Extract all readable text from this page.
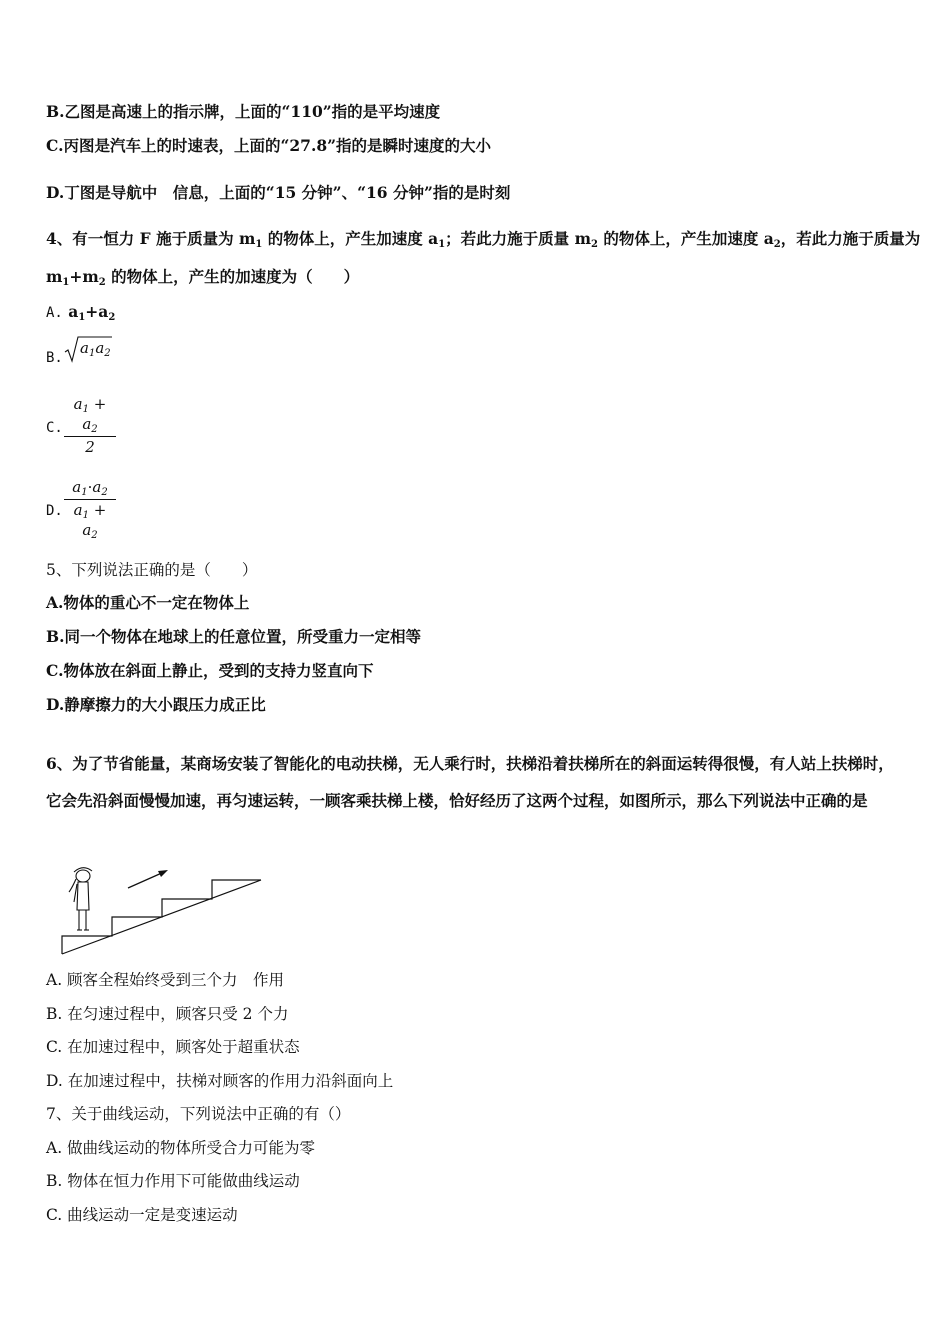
B.乙图是高速上的指示牌，上面的“110”指的是平均速度
C.丙图是汽车上的时速表，上面的“27.8”指的是瞬时速度的大小
D.丁图是导航中　信息，上面的“15 分钟”、“16 分钟”指的是时刻
4、有一恒力 F 施于质量为 $m_1$ 的物体上，产生加速度 $a_1$；若此力施于质量 $m_2$ 的物体上，产生加速度 $a_2$，若此力施于质量为
$m_1+m_2$ 的物体上，产生的加速度为（　　）
A. $a_1+a_2$
B.
$a_1a_2$
C.
$a_1 + a_2$
2
D.
$a_1\cdot a_2$
$a_1 + a_2$
5、下列说法正确的是（　　）
A.物体的重心不一定在物体上
B.同一个物体在地球上的任意位置，所受重力一定相等
C.物体放在斜面上静止，受到的支持力竖直向下
D.静摩擦力的大小跟压力成正比
6、为了节省能量，某商场安装了智能化的电动扶梯，无人乘行时，扶梯沿着扶梯所在的斜面运转得很慢，有人站上扶梯时，它会先沿斜面慢慢加速，再匀速运转，一顾客乘扶梯上楼，恰好经历了这两个过程，如图所示，那么下列说法中正确的是
A. 顾客全程始终受到三个力　作用
B. 在匀速过程中，顾客只受 2 个力
C. 在加速过程中，顾客处于超重状态
D. 在加速过程中，扶梯对顾客的作用力沿斜面向上
7、关于曲线运动，下列说法中正确的有（）
A. 做曲线运动的物体所受合力可能为零
B. 物体在恒力作用下可能做曲线运动
C. 曲线运动一定是变速运动
